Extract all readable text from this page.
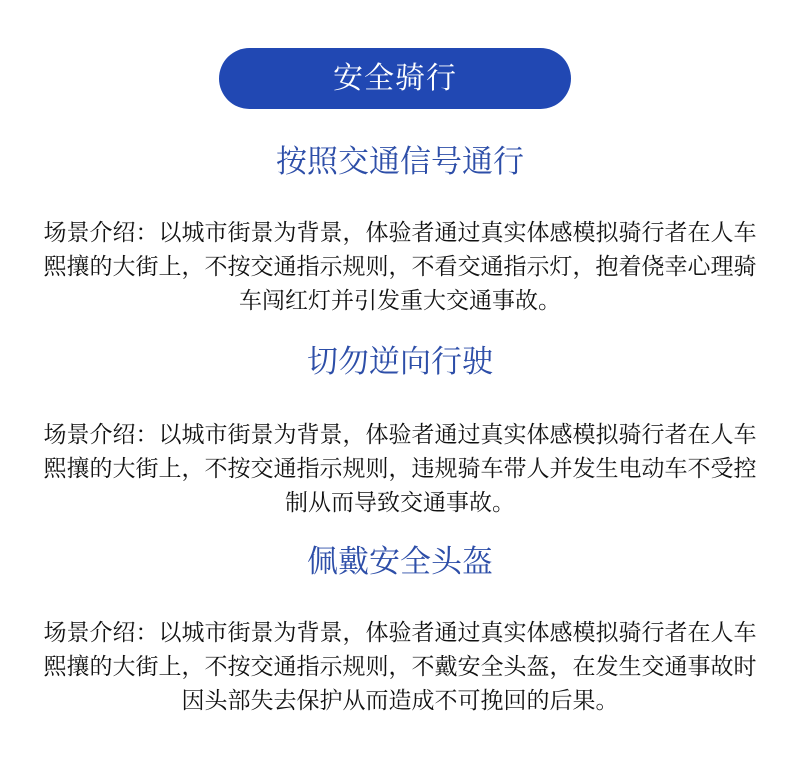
安全骑行
按照交通信号通行
场景介绍：以城市街景为背景，体验者通过真实体感模拟骑行者在人车熙攘的大街上，不按交通指示规则，不看交通指示灯，抱着侥幸心理骑车闯红灯并引发重大交通事故。
切勿逆向行驶
场景介绍：以城市街景为背景，体验者通过真实体感模拟骑行者在人车熙攘的大街上，不按交通指示规则，违规骑车带人并发生电动车不受控制从而导致交通事故。
佩戴安全头盔
场景介绍：以城市街景为背景，体验者通过真实体感模拟骑行者在人车熙攘的大街上，不按交通指示规则，不戴安全头盔，在发生交通事故时因头部失去保护从而造成不可挽回的后果。
